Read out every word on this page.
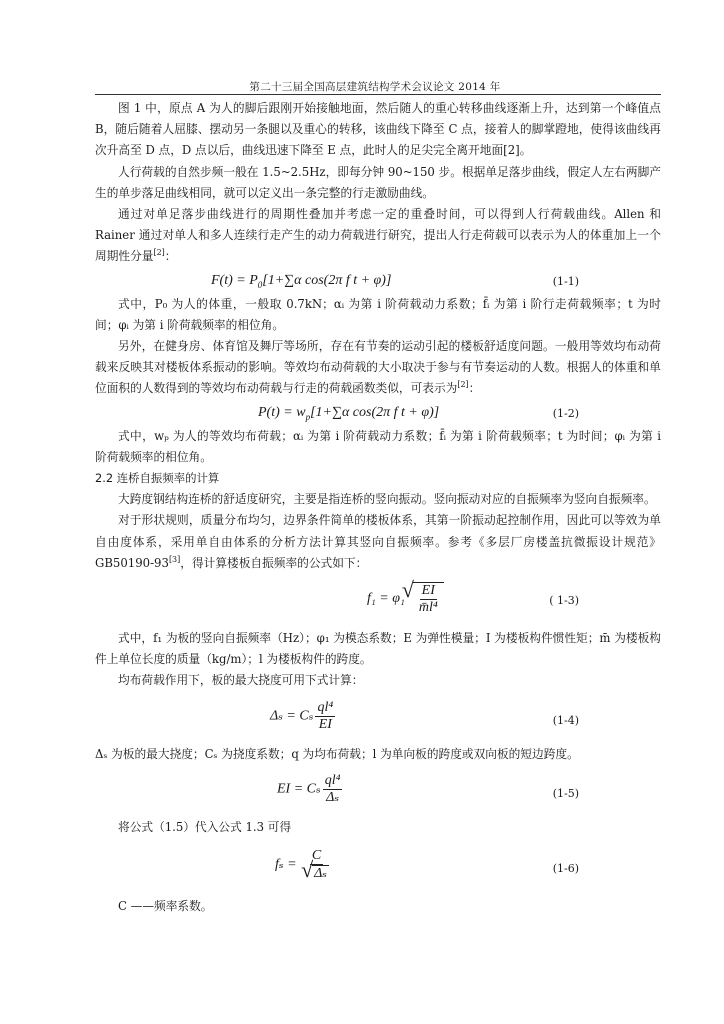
第二十三届全国高层建筑结构学术会议论文 2014 年

图 1 中，原点 A 为人的脚后跟刚开始接触地面，然后随人的重心转移曲线逐渐上升，达到第一个峰值点 B，随后随着人屈膝、摆动另一条腿以及重心的转移，该曲线下降至 C 点，接着人的脚掌蹬地，使得该曲线再次升高至 D 点，D 点以后，曲线迅速下降至 E 点，此时人的足尖完全离开地面[2]。

人行荷载的自然步频一般在 1.5~2.5Hz，即每分钟 90~150 步。根据单足落步曲线，假定人左右两脚产生的单步落足曲线相同，就可以定义出一条完整的行走激励曲线。

通过对单足落步曲线进行的周期性叠加并考虑一定的重叠时间，可以得到人行荷载曲线。Allen 和 Rainer 通过对单人和多人连续行走产生的动力荷载进行研究，提出人行走荷载可以表示为人的体重加上一个周期性分量[2]：

$F(t) = P_0[1+\sum\alpha$ cos(2π f t + φ)]	(1-1)

式中，P₀ 为人的体重，一般取 0.7kN；αᵢ 为第 i 阶荷载动力系数；f̄ᵢ 为第 i 阶行走荷载频率；t 为时间；φᵢ 为第 i 阶荷载频率的相位角。

另外，在健身房、体育馆及舞厅等场所，存在有节奏的运动引起的楼板舒适度问题。一般用等效均布动荷载来反映其对楼板体系振动的影响。等效均布动荷载的大小取决于参与有节奏运动的人数。根据人的体重和单位面积的人数得到的等效均布动荷载与行走的荷载函数类似，可表示为[2]：

$P(t) = w_p[1+\sum\alpha$ cos(2π f t + φ)]	(1-2)

式中，wₚ 为人的等效均布荷载；αᵢ 为第 i 阶荷载动力系数；f̄ᵢ 为第 i 阶荷载频率；t 为时间；φᵢ 为第 i 阶荷载频率的相位角。

2.2 连桥自振频率的计算

大跨度钢结构连桥的舒适度研究，主要是指连桥的竖向振动。竖向振动对应的自振频率为竖向自振频率。

对于形状规则，质量分布均匀，边界条件简单的楼板体系，其第一阶振动起控制作用，因此可以等效为单自由度体系，采用单自由体系的分析方法计算其竖向自振频率。参考《多层厂房楼盖抗微振设计规范》GB50190-93[3]，得计算楼板自振频率的公式如下：

f₁ = φ₁ √ $\frac{EI}{\text{m̄l⁴}}$	( 1-3)

式中，f₁ 为板的竖向自振频率（Hz）；φ₁ 为模态系数；E 为弹性模量；I 为楼板构件惯性矩；m̄ 为楼板构件上单位长度的质量（kg/m）；l 为楼板构件的跨度。

均布荷载作用下，板的最大挠度可用下式计算：

Δₛ = Cₛ $\frac{\text{ql⁴}}{EI}$	(1-4)

Δₛ 为板的最大挠度；Cₛ 为挠度系数；q 为均布荷载；l 为单向板的跨度或双向板的短边跨度。

EI = Cₛ $\frac{\text{ql⁴}}{\text{Δₛ}}$	(1-5)

将公式（1.5）代入公式 1.3 可得

fₛ = C
√ Δₛ	(1-6)

C ——频率系数。
